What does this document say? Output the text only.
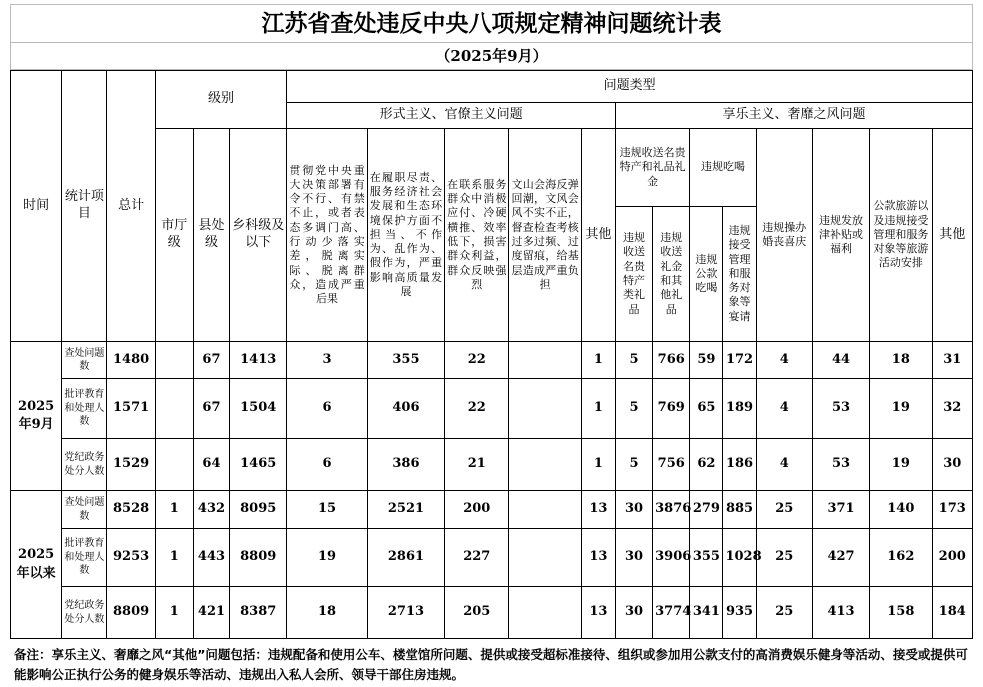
江苏省查处违反中央八项规定精神问题统计表
（2025年9月）
时间	统计项目	总计	级别			问题类型												
						形式主义、官僚主义问题					享乐主义、奢靡之风问题							
			市厅级	县处级	乡科级及以下	贯彻党中央重大决策部署有令不行、有禁不止，或者表态多调门高、行动少落实差，脱离实际、脱离群众，造成严重后果	在履职尽责、服务经济社会发展和生态环境保护方面不担当、不作为、乱作为、假作为，严重影响高质量发展	在联系服务群众中消极应付、冷硬横推、效率低下，损害群众利益，群众反映强烈	文山会海反弹回潮，文风会风不实不正，督查检查考核过多过频、过度留痕，给基层造成严重负担	其他	违规收送名贵特产和礼品礼金		违规吃喝		违规操办婚丧喜庆	违规发放津补贴或福利	公款旅游以及违规接受管理和服务对象等旅游活动安排	其他
											违规收送名贵特产类礼品	违规收送礼金和其他礼品	违规公款吃喝	违规接受管理和服务对象等宴请				
2025年9月	查处问题数	1480		67	1413	3	355	22		1	5	766	59	172	4	44	18	31
	批评教育和处理人数	1571		67	1504	6	406	22		1	5	769	65	189	4	53	19	32
	党纪政务处分人数	1529		64	1465	6	386	21		1	5	756	62	186	4	53	19	30
2025年以来	查处问题数	8528	1	432	8095	15	2521	200		13	30	3876	279	885	25	371	140	173
	批评教育和处理人数	9253	1	443	8809	19	2861	227		13	30	3906	355	1028	25	427	162	200
	党纪政务处分人数	8809	1	421	8387	18	2713	205		13	30	3774	341	935	25	413	158	184
备注：享乐主义、奢靡之风“其他”问题包括：违规配备和使用公车、楼堂馆所问题、提供或接受超标准接待、组织或参加用公款支付的高消费娱乐健身等活动、接受或提供可能影响公正执行公务的健身娱乐等活动、违规出入私人会所、领导干部住房违规。
